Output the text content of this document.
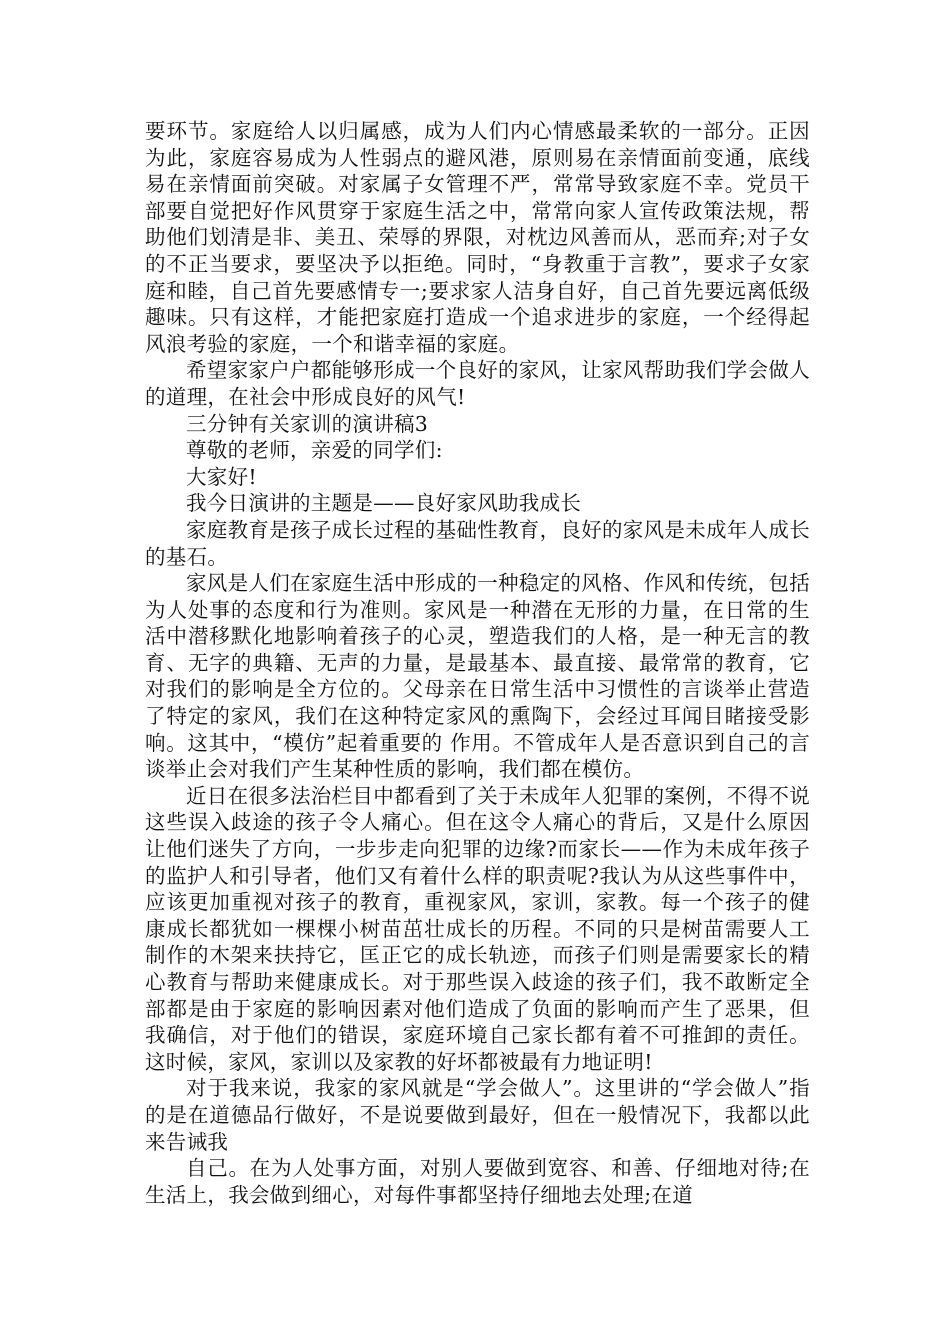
要环节。家庭给人以归属感，成为人们内心情感最柔软的一部分。正因为此，家庭容易成为人性弱点的避风港，原则易在亲情面前变通，底线易在亲情面前突破。对家属子女管理不严，常常导致家庭不幸。党员干部要自觉把好作风贯穿于家庭生活之中，常常向家人宣传政策法规，帮助他们划清是非、美丑、荣辱的界限，对枕边风善而从，恶而弃;对子女的不正当要求，要坚决予以拒绝。同时，“身教重于言教”，要求子女家庭和睦，自己首先要感情专一;要求家人洁身自好，自己首先要远离低级趣味。只有这样，才能把家庭打造成一个追求进步的家庭，一个经得起风浪考验的家庭，一个和谐幸福的家庭。

希望家家户户都能够形成一个良好的家风，让家风帮助我们学会做人的道理，在社会中形成良好的风气!

三分钟有关家训的演讲稿3

尊敬的老师，亲爱的同学们:

大家好!

我今日演讲的主题是——良好家风助我成长

家庭教育是孩子成长过程的基础性教育，良好的家风是未成年人成长的基石。

家风是人们在家庭生活中形成的一种稳定的风格、作风和传统，包括为人处事的态度和行为准则。家风是一种潜在无形的力量，在日常的生活中潜移默化地影响着孩子的心灵，塑造我们的人格，是一种无言的教育、无字的典籍、无声的力量，是最基本、最直接、最常常的教育，它对我们的影响是全方位的。父母亲在日常生活中习惯性的言谈举止营造了特定的家风，我们在这种特定家风的熏陶下，会经过耳闻目睹接受影响。这其中，“模仿”起着重要的 作用。不管成年人是否意识到自己的言谈举止会对我们产生某种性质的影响，我们都在模仿。

近日在很多法治栏目中都看到了关于未成年人犯罪的案例，不得不说这些误入歧途的孩子令人痛心。但在这令人痛心的背后，又是什么原因让他们迷失了方向，一步步走向犯罪的边缘?而家长——作为未成年孩子的监护人和引导者，他们又有着什么样的职责呢?我认为从这些事件中，应该更加重视对孩子的教育，重视家风，家训，家教。每一个孩子的健康成长都犹如一棵棵小树苗茁壮成长的历程。不同的只是树苗需要人工制作的木架来扶持它，匡正它的成长轨迹，而孩子们则是需要家长的精心教育与帮助来健康成长。对于那些误入歧途的孩子们，我不敢断定全部都是由于家庭的影响因素对他们造成了负面的影响而产生了恶果，但我确信，对于他们的错误，家庭环境自己家长都有着不可推卸的责任。这时候，家风，家训以及家教的好坏都被最有力地证明!

对于我来说，我家的家风就是“学会做人”。这里讲的“学会做人”指的是在道德品行做好，不是说要做到最好，但在一般情况下，我都以此来告诫我

自己。在为人处事方面，对别人要做到宽容、和善、仔细地对待;在生活上，我会做到细心，对每件事都坚持仔细地去处理;在道
